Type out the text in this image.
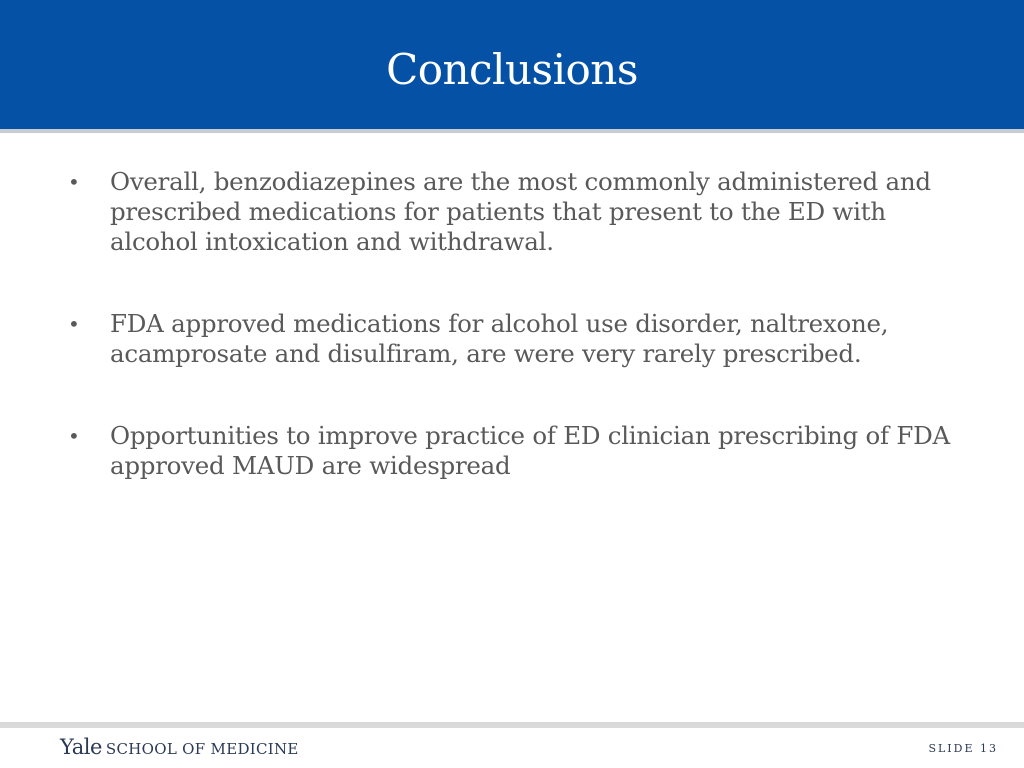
Conclusions
• Overall, benzodiazepines are the most commonly administered and prescribed medications for patients that present to the ED with alcohol intoxication and withdrawal.
• FDA approved medications for alcohol use disorder, naltrexone, acamprosate and disulfiram, are were very rarely prescribed.
• Opportunities to improve practice of ED clinician prescribing of FDA approved MAUD are widespread
Yale SCHOOL OF MEDICINE	SLIDE 13
